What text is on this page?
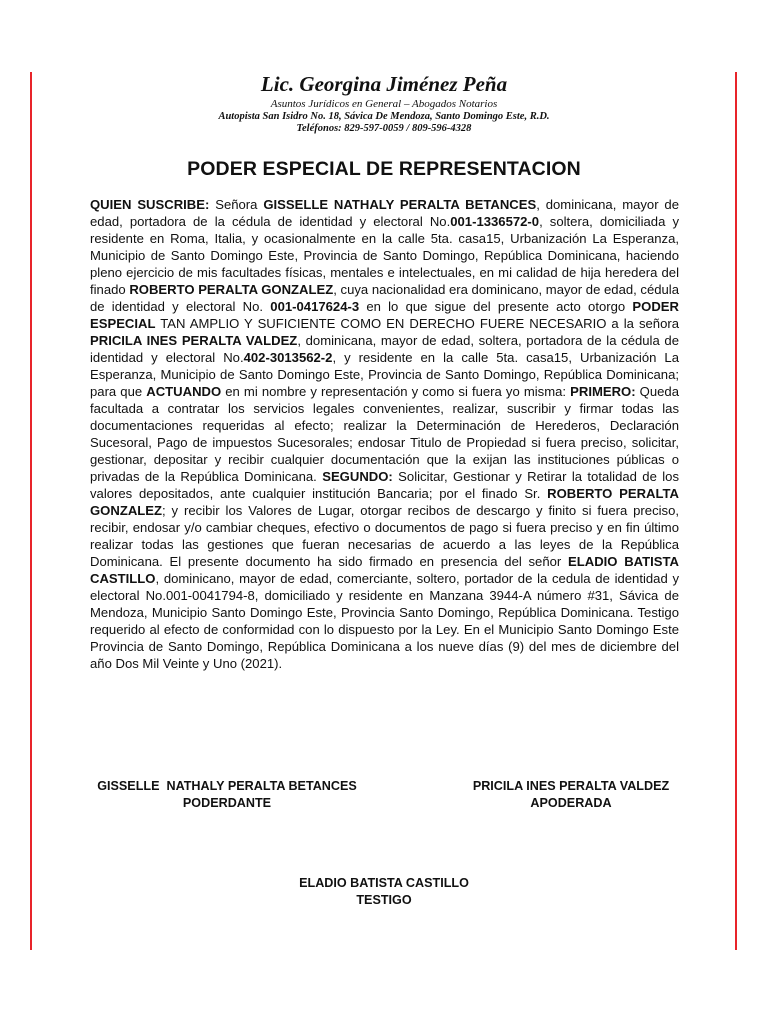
Lic. Georgina Jiménez Peña
Asuntos Jurídicos en General – Abogados Notarios
Autopista San Isidro No. 18, Sávica De Mendoza, Santo Domingo Este, R.D.
Teléfonos: 829-597-0059 / 809-596-4328
PODER ESPECIAL DE REPRESENTACION
QUIEN SUSCRIBE: Señora GISSELLE NATHALY PERALTA BETANCES, dominicana, mayor de edad, portadora de la cédula de identidad y electoral No.001-1336572-0, soltera, domiciliada y residente en Roma, Italia, y ocasionalmente en la calle 5ta. casa15, Urbanización La Esperanza, Municipio de Santo Domingo Este, Provincia de Santo Domingo, República Dominicana, haciendo pleno ejercicio de mis facultades físicas, mentales e intelectuales, en mi calidad de hija heredera del finado ROBERTO PERALTA GONZALEZ, cuya nacionalidad era dominicano, mayor de edad, cédula de identidad y electoral No. 001-0417624-3 en lo que sigue del presente acto otorgo PODER ESPECIAL TAN AMPLIO Y SUFICIENTE COMO EN DERECHO FUERE NECESARIO a la señora PRICILA INES PERALTA VALDEZ, dominicana, mayor de edad, soltera, portadora de la cédula de identidad y electoral No.402-3013562-2, y residente en la calle 5ta. casa15, Urbanización La Esperanza, Municipio de Santo Domingo Este, Provincia de Santo Domingo, República Dominicana; para que ACTUANDO en mi nombre y representación y como si fuera yo misma: PRIMERO: Queda facultada a contratar los servicios legales convenientes, realizar, suscribir y firmar todas las documentaciones requeridas al efecto; realizar la Determinación de Herederos, Declaración Sucesoral, Pago de impuestos Sucesorales; endosar Titulo de Propiedad si fuera preciso, solicitar, gestionar, depositar y recibir cualquier documentación que la exijan las instituciones públicas o privadas de la República Dominicana. SEGUNDO: Solicitar, Gestionar y Retirar la totalidad de los valores depositados, ante cualquier institución Bancaria; por el finado Sr. ROBERTO PERALTA GONZALEZ; y recibir los Valores de Lugar, otorgar recibos de descargo y finito si fuera preciso, recibir, endosar y/o cambiar cheques, efectivo o documentos de pago si fuera preciso y en fin último realizar todas las gestiones que fueran necesarias de acuerdo a las leyes de la República Dominicana. El presente documento ha sido firmado en presencia del señor ELADIO BATISTA CASTILLO, dominicano, mayor de edad, comerciante, soltero, portador de la cedula de identidad y electoral No.001-0041794-8, domiciliado y residente en Manzana 3944-A número #31, Sávica de Mendoza, Municipio Santo Domingo Este, Provincia Santo Domingo, República Dominicana. Testigo requerido al efecto de conformidad con lo dispuesto por la Ley. En el Municipio Santo Domingo Este Provincia de Santo Domingo, República Dominicana a los nueve días (9) del mes de diciembre del año Dos Mil Veinte y Uno (2021).
GISSELLE  NATHALY PERALTA BETANCES
PODERDANTE
PRICILA INES PERALTA VALDEZ
APODERADA
ELADIO BATISTA CASTILLO
TESTIGO
